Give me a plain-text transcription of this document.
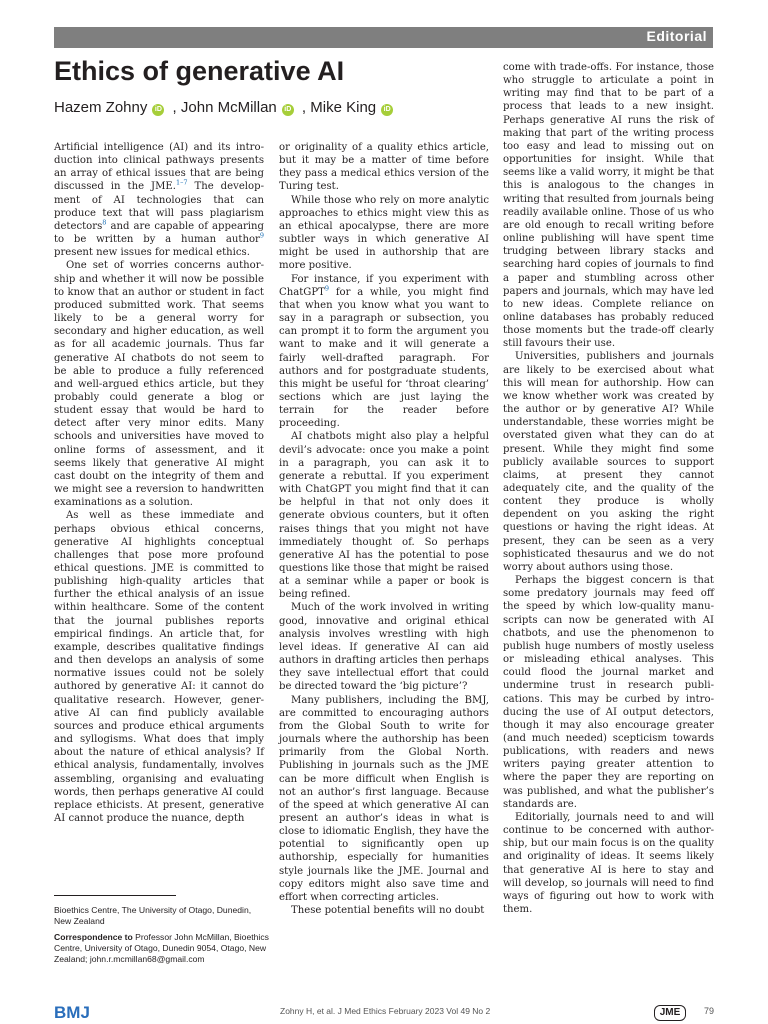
Editorial
Ethics of generative AI
Hazem Zohny iD , John McMillan iD , Mike King iD

Artificial intelligence (AI) and its introduction into clinical pathways presents an array of ethical issues that are being discussed in the JME.$^{1-7}$ The development of AI technologies that can produce text that will pass plagiarism detectors$^8$ and are capable of appearing to be written by a human author$^9$ present new issues for medical ethics.

One set of worries concerns authorship and whether it will now be possible to know that an author or student in fact produced submitted work. That seems likely to be a general worry for secondary and higher education, as well as for all academic journals. Thus far generative AI chatbots do not seem to be able to produce a fully referenced and well-argued ethics article, but they probably could generate a blog or student essay that would be hard to detect after very minor edits. Many schools and universities have moved to online forms of assessment, and it seems likely that generative AI might cast doubt on the integrity of them and we might see a reversion to handwritten examinations as a solution.

As well as these immediate and perhaps obvious ethical concerns, generative AI highlights conceptual challenges that pose more profound ethical questions. JME is committed to publishing high-quality articles that further the ethical analysis of an issue within healthcare. Some of the content that the journal publishes reports empirical findings. An article that, for example, describes qualitative findings and then develops an analysis of some normative issues could not be solely authored by generative AI: it cannot do qualitative research. However, generative AI can find publicly available sources and produce ethical arguments and syllogisms. What does that imply about the nature of ethical analysis? If ethical analysis, fundamentally, involves assembling, organising and evaluating words, then perhaps generative AI could replace ethicists. At present, generative AI cannot produce the nuance, depth

or originality of a quality ethics article, but it may be a matter of time before they pass a medical ethics version of the Turing test.

While those who rely on more analytic approaches to ethics might view this as an ethical apocalypse, there are more subtler ways in which generative AI might be used in authorship that are more positive.

For instance, if you experiment with ChatGPT$^9$ for a while, you might find that when you know what you want to say in a paragraph or subsection, you can prompt it to form the argument you want to make and it will generate a fairly well-drafted paragraph. For authors and for postgraduate students, this might be useful for ‘throat clearing’ sections which are just laying the terrain for the reader before proceeding.

AI chatbots might also play a helpful devil’s advocate: once you make a point in a paragraph, you can ask it to generate a rebuttal. If you experiment with ChatGPT you might find that it can be helpful in that not only does it generate obvious counters, but it often raises things that you might not have immediately thought of. So perhaps generative AI has the potential to pose questions like those that might be raised at a seminar while a paper or book is being refined.

Much of the work involved in writing good, innovative and original ethical analysis involves wrestling with high level ideas. If generative AI can aid authors in drafting articles then perhaps they save intellectual effort that could be directed toward the ‘big picture’?

Many publishers, including the BMJ, are committed to encouraging authors from the Global South to write for journals where the authorship has been primarily from the Global North. Publishing in journals such as the JME can be more difficult when English is not an author’s first language. Because of the speed at which generative AI can present an author’s ideas in what is close to idiomatic English, they have the potential to significantly open up authorship, especially for humanities style journals like the JME. Journal and copy editors might also save time and effort when correcting articles.

These potential benefits will no doubt

come with trade-offs. For instance, those who struggle to articulate a point in writing may find that to be part of a process that leads to a new insight. Perhaps generative AI runs the risk of making that part of the writing process too easy and lead to missing out on opportunities for insight. While that seems like a valid worry, it might be that this is analogous to the changes in writing that resulted from journals being readily available online. Those of us who are old enough to recall writing before online publishing will have spent time trudging between library stacks and searching hard copies of journals to find a paper and stumbling across other papers and journals, which may have led to new ideas. Complete reliance on online databases has probably reduced those moments but the trade-off clearly still favours their use.

Universities, publishers and journals are likely to be exercised about what this will mean for authorship. How can we know whether work was created by the author or by generative AI? While understandable, these worries might be overstated given what they can do at present. While they might find some publicly available sources to support claims, at present they cannot adequately cite, and the quality of the content they produce is wholly dependent on you asking the right questions or having the right ideas. At present, they can be seen as a very sophisticated thesaurus and we do not worry about authors using those.

Perhaps the biggest concern is that some predatory journals may feed off the speed by which low-quality manuscripts can now be generated with AI chatbots, and use the phenomenon to publish huge numbers of mostly useless or misleading ethical analyses. This could flood the journal market and undermine trust in research publications. This may be curbed by introducing the use of AI output detectors, though it may also encourage greater (and much needed) scepticism towards publications, with readers and news writers paying greater attention to where the paper they are reporting on was published, and what the publisher’s standards are.

Editorially, journals need to and will continue to be concerned with authorship, but our main focus is on the quality and originality of ideas. It seems likely that generative AI is here to stay and will develop, so journals will need to find ways of figuring out how to work with them.

Bioethics Centre, The University of Otago, Dunedin, New Zealand
Correspondence to Professor John McMillan, Bioethics Centre, University of Otago, Dunedin 9054, Otago, New Zealand; john.r.mcmillan68@gmail.com
BMJ	Zohny H, et al. J Med Ethics February 2023 Vol 49 No 2	JME	79
